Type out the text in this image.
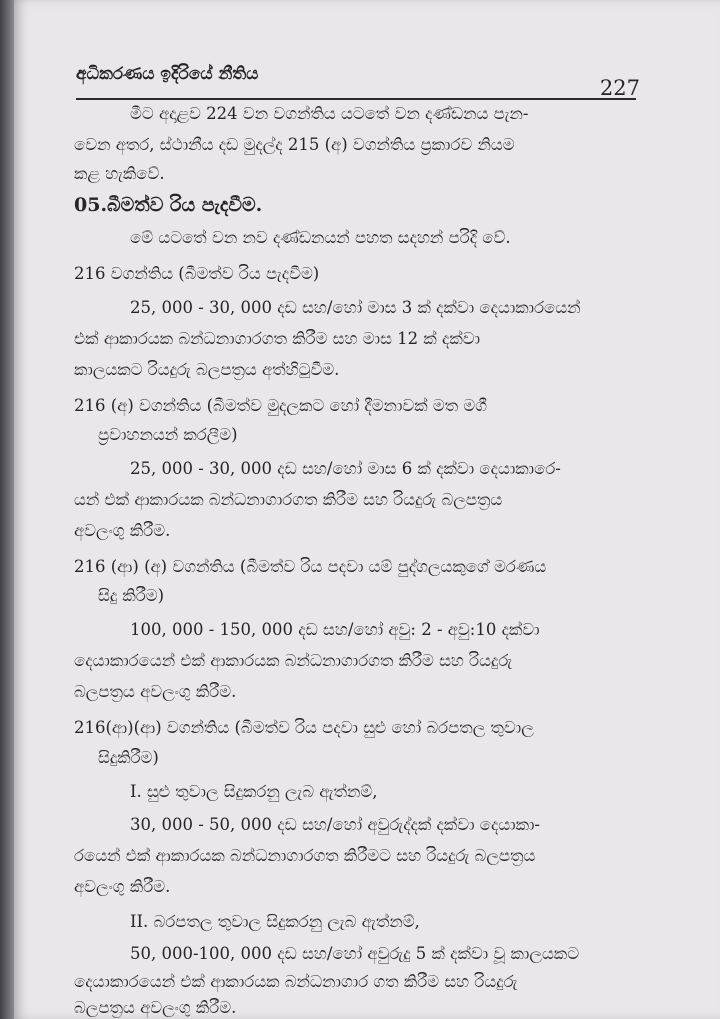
අධිකරණය ඉදිරියේ නීතිය
227
මීට අදාළව 224 වන වගන්තිය යටතේ වන දණ්ඩනය පැන-
වෙන අතර, ස්ථානීය දඩ මුදල්ද 215 (අ) වගන්තිය ප්‍රකාරව නියම
කළ හැකිවේ.
05.බීමත්ව රිය පැදවීම.
මේ යටතේ වන නව දණ්ඩනයන් පහත සදහන් පරිදි වේ.
216 වගන්තිය (බීමත්ව රිය පැදවීම)
25, 000 - 30, 000 දඩ සහ/හෝ මාස 3 ක් දක්වා දෙයාකාරයෙන්
එක් ආකාරයක බන්ධනාගාරගත කිරීම සහ මාස 12 ක් දක්වා
කාලයකට රියදුරු බලපත්‍රය අත්හිටුවීම.
216 (අ) වගන්තිය (බීමත්ව මුදලකට හෝ දීමනාවක් මත මගී
ප්‍රවාහනයන් කරලීම)
25, 000 - 30, 000 දඩ සහ/හෝ මාස 6 ක් දක්වා දෙයාකාරෙ-
යන් එක් ආකාරයක බන්ධනාගාරගත කිරීම සහ රියදුරු බලපත්‍රය
අවලංගු කිරීම.
216 (ආ) (අ) වගන්තිය (බීමත්ව රිය පදවා යම් පුද්ගලයකුගේ මරණය
සිදු කිරීම)
100, 000 - 150, 000 දඩ සහ/හෝ අවු: 2 - අවු:10 දක්වා
දෙයාකාරයෙන් එක් ආකාරයක බන්ධනාගාරගත කිරීම සහ රියදුරු
බලපත්‍රය අවලංගු කිරීම.
216(ආ)(ආ) වගන්තිය (බීමත්ව රිය පදවා සුළු හෝ බරපතල තුවාල
සිදුකිරීම)
I. සුළු තුවාල සිදුකරනු ලැබ ඇත්නම්,
30, 000 - 50, 000 දඩ සහ/හෝ අවුරුද්දක් දක්වා දෙයාකා-
රයෙන් එක් ආකාරයක බන්ධනාගාරගත කිරීමට සහ රියදුරු බලපත්‍රය
අවලංගු කිරීම.
II. බරපතල තුවාල සිදුකරනු ලැබ ඇත්නම්,
50, 000-100, 000 දඩ සහ/හෝ අවුරුදු 5 ක් දක්වා වූ කාලයකට
දෙයාකාරයෙන් එක් ආකාරයක බන්ධනාගාර ගත කිරීම සහ රියදුරු
බලපත්‍රය අවලංගු කිරීම.
